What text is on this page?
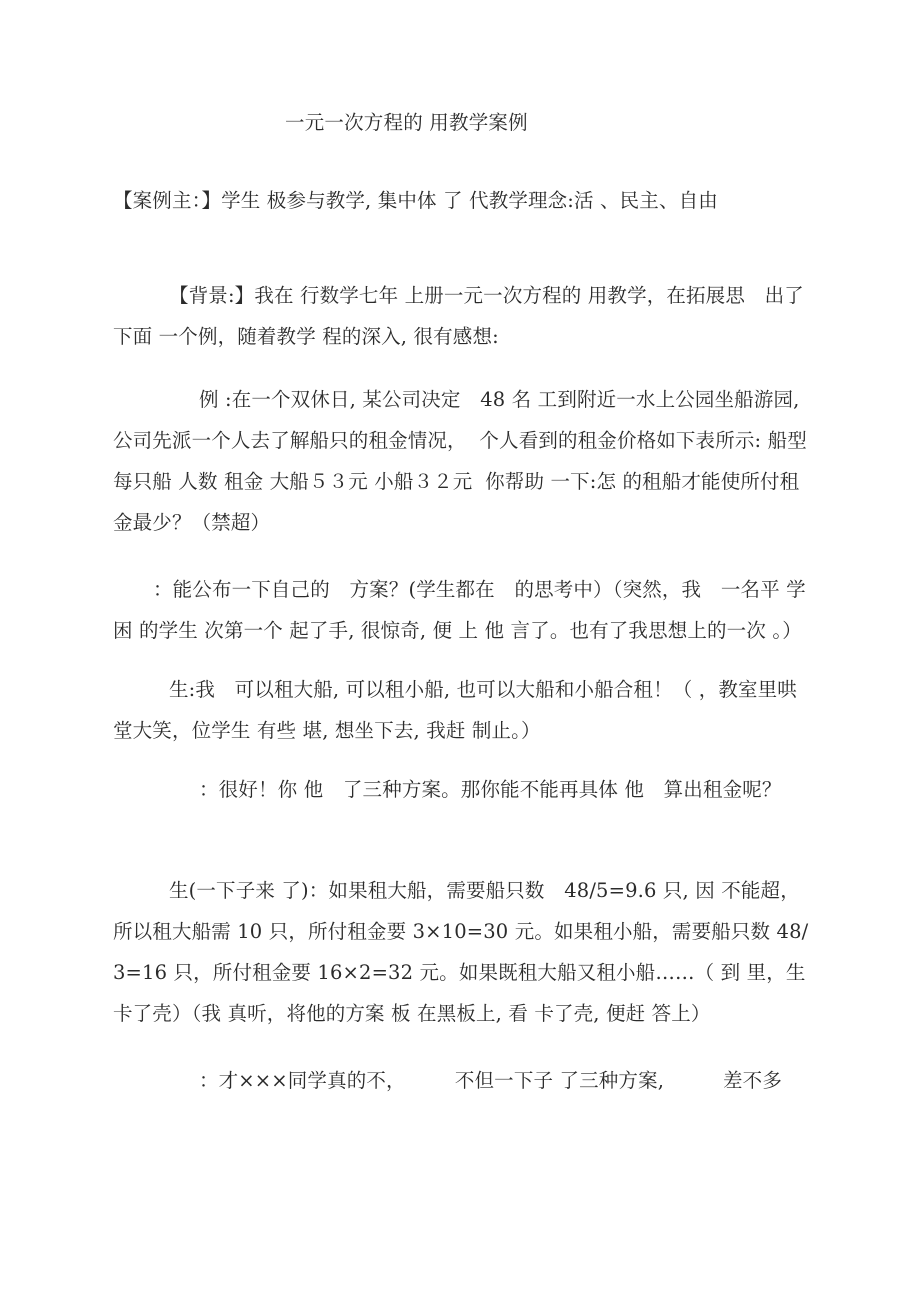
一元一次方程的 用教学案例
【案例主：】学生 极参与教学, 集中体 了 代教学理念:活 、民主、自由
【背景:】我在 行数学七年 上册一元一次方程的 用教学，在拓展思　出了下面 一个例，随着教学 程的深入, 很有感想:
例 :在一个双休日, 某公司决定　48 名 工到附近一水上公园坐船游园, 公司先派一个人去了解船只的租金情况，  个人看到的租金价格如下表所示: 船型 每只船 人数 租金 大船５３元 小船３２元  你帮助 一下:怎 的租船才能使所付租金最少？（禁超）
：能公布一下自己的　方案？(学生都在　的思考中）（突然，我　一名平 学困 的学生 次第一个 起了手, 很惊奇, 便 上 他 言了。也有了我思想上的一次 。）
生:我　可以租大船, 可以租小船, 也可以大船和小船合租！（ ，教室里哄堂大笑，位学生 有些 堪, 想坐下去, 我赶 制止。）
：很好！你 他　了三种方案。那你能不能再具体 他　算出租金呢？
生(一下子来 了)：如果租大船，需要船只数　48/5=9.6 只, 因 不能超，所以租大船需 10 只，所付租金要 3×10=30 元。如果租小船，需要船只数 48/3=16 只，所付租金要 16×2=32 元。如果既租大船又租小船……（ 到 里，生卡了壳）（我 真听，将他的方案 板 在黑板上, 看 卡了壳, 便赶 答上）
：才×××同学真的不，　　　不但一下子 了三种方案,　　　差不多
